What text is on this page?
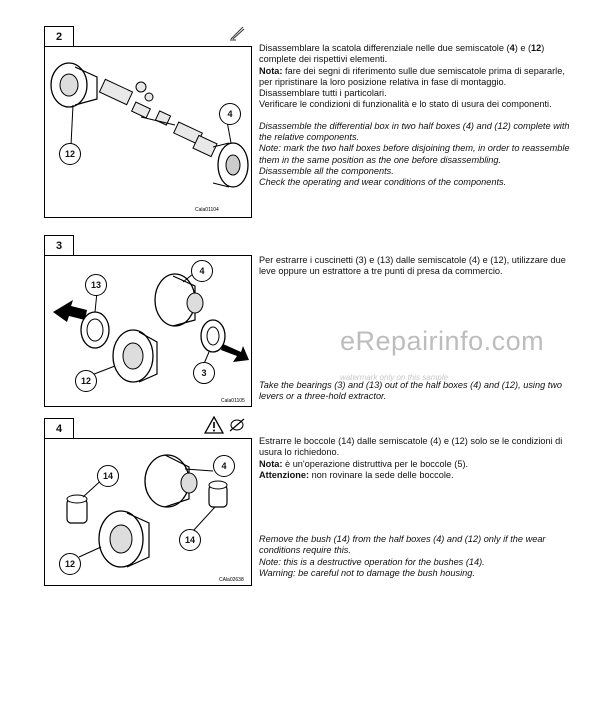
2
Cala01104
12
4

Disassemblare la scatola differenziale nelle due semiscatole (4) e (12)

complete dei rispettivi elementi.

Nota: fare dei segni di riferimento sulle due semiscatole prima di separarle, per ripristinare la loro posizione relativa in fase di montaggio.

Disassemblare tutti i particolari.

Verificare le condizioni di funzionalità e lo stato di usura dei componenti.

Disassemble the differential box in two half boxes (4) and (12) complete with the relative components.

Note: mark the two half boxes before disjoining them, in order to reassemble them in the same position as the one before disassembling.

Disassemble all the components.

Check the operating and wear conditions of the components.

3
Cala01105
13
4
12
3

Per estrarre i cuscinetti (3) e (13) dalle semiscatole (4) e (12), utilizzare due leve oppure un estrattore a tre punti di presa da commercio.

Take the bearings (3) and (13) out of the half boxes (4) and (12), using two levers or a three-hold extractor.

4
CAla02638
14
4
14
12

Estrarre le boccole (14) dalle semiscatole (4) e (12) solo se le condizioni di usura lo richiedono.

Nota: è un'operazione distruttiva per le boccole (5).

Attenzione: non rovinare la sede delle boccole.

Remove the bush (14) from the half boxes (4) and (12) only if the wear conditions require this.

Note: this is a destructive operation for the bushes (14).

Warning: be careful not to damage the bush housing.

eRepairinfo.com
watermark only on this sample
